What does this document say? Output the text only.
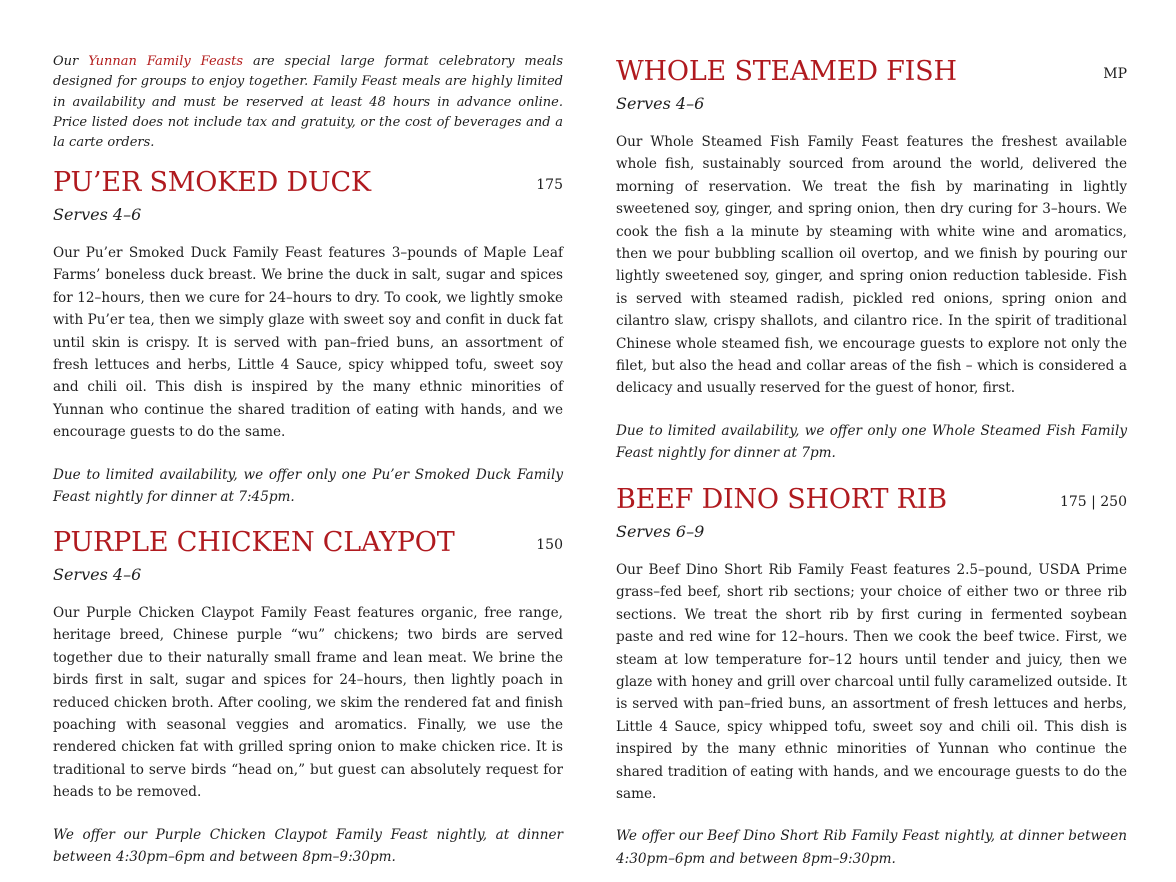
Our Yunnan Family Feasts are special large format celebratory meals designed for groups to enjoy together. Family Feast meals are highly limited in availability and must be reserved at least 48 hours in advance online. Price listed does not include tax and gratuity, or the cost of beverages and a la carte orders.

PU’ER SMOKED DUCK	175

Serves 4–6

Our Pu’er Smoked Duck Family Feast features 3–pounds of Maple Leaf Farms’ boneless duck breast. We brine the duck in salt, sugar and spices for 12–hours, then we cure for 24–hours to dry. To cook, we lightly smoke with Pu’er tea, then we simply glaze with sweet soy and confit in duck fat until skin is crispy. It is served with pan–fried buns, an assortment of fresh lettuces and herbs, Little 4 Sauce, spicy whipped tofu, sweet soy and chili oil. This dish is inspired by the many ethnic minorities of Yunnan who continue the shared tradition of eating with hands, and we encourage guests to do the same.

Due to limited availability, we offer only one Pu’er Smoked Duck Family Feast nightly for dinner at 7:45pm.

PURPLE CHICKEN CLAYPOT	150

Serves 4–6

Our Purple Chicken Claypot Family Feast features organic, free range, heritage breed, Chinese purple “wu” chickens; two birds are served together due to their naturally small frame and lean meat. We brine the birds first in salt, sugar and spices for 24–hours, then lightly poach in reduced chicken broth. After cooling, we skim the rendered fat and finish poaching with seasonal veggies and aromatics. Finally, we use the rendered chicken fat with grilled spring onion to make chicken rice. It is traditional to serve birds “head on,” but guest can absolutely request for heads to be removed.

We offer our Purple Chicken Claypot Family Feast nightly, at dinner between 4:30pm–6pm and between 8pm–9:30pm.

WHOLE STEAMED FISH	MP

Serves 4–6

Our Whole Steamed Fish Family Feast features the freshest available whole fish, sustainably sourced from around the world, delivered the morning of reservation. We treat the fish by marinating in lightly sweetened soy, ginger, and spring onion, then dry curing for 3–hours. We cook the fish a la minute by steaming with white wine and aromatics, then we pour bubbling scallion oil overtop, and we finish by pouring our lightly sweetened soy, ginger, and spring onion reduction tableside. Fish is served with steamed radish, pickled red onions, spring onion and cilantro slaw, crispy shallots, and cilantro rice. In the spirit of traditional Chinese whole steamed fish, we encourage guests to explore not only the filet, but also the head and collar areas of the fish – which is considered a delicacy and usually reserved for the guest of honor, first.

Due to limited availability, we offer only one Whole Steamed Fish Family Feast nightly for dinner at 7pm.

BEEF DINO SHORT RIB	175 | 250

Serves 6–9

Our Beef Dino Short Rib Family Feast features 2.5–pound, USDA Prime grass–fed beef, short rib sections; your choice of either two or three rib sections. We treat the short rib by first curing in fermented soybean paste and red wine for 12–hours. Then we cook the beef twice. First, we steam at low temperature for–12 hours until tender and juicy, then we glaze with honey and grill over charcoal until fully caramelized outside. It is served with pan–fried buns, an assortment of fresh lettuces and herbs, Little 4 Sauce, spicy whipped tofu, sweet soy and chili oil. This dish is inspired by the many ethnic minorities of Yunnan who continue the shared tradition of eating with hands, and we encourage guests to do the same.

We offer our Beef Dino Short Rib Family Feast nightly, at dinner between 4:30pm–6pm and between 8pm–9:30pm.
